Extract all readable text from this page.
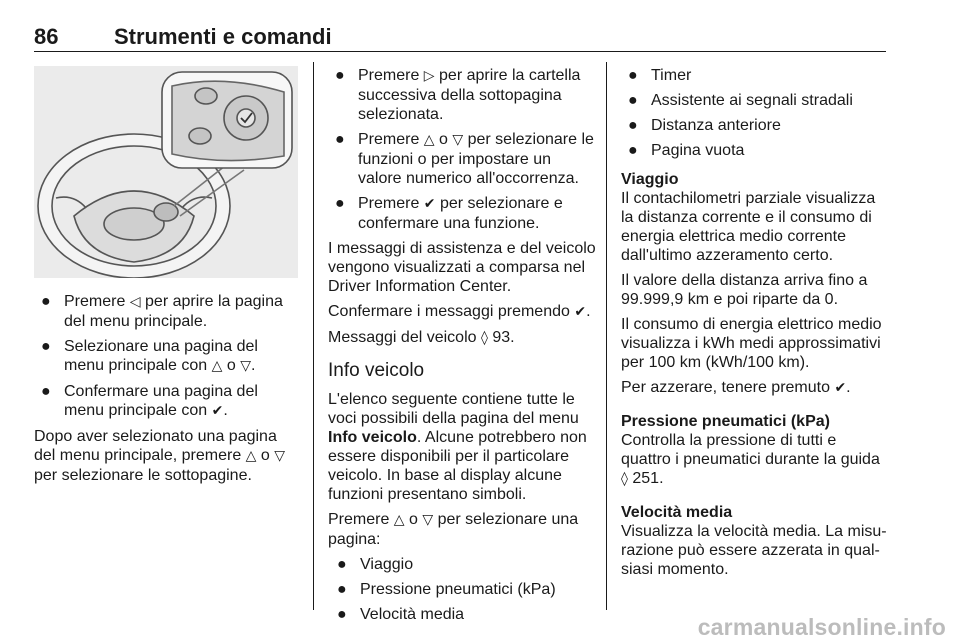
86	Strumenti e comandi
● Premere ◁ per aprire la pagina del menu principale.
● Selezionare una pagina del menu principale con △ o ▽.
● Confermare una pagina del menu principale con ✔.

Dopo aver selezionato una pagina del menu principale, premere △ o ▽ per selezionare le sottopagine.

● Premere ▷ per aprire la cartella successiva della sottopagina selezionata.
● Premere △ o ▽ per selezionare le funzioni o per impostare un valore numerico all'occorrenza.
● Premere ✔ per selezionare e confermare una funzione.

I messaggi di assistenza e del veicolo vengono visualizzati a comparsa nel Driver Information Center.

Confermare i messaggi premendo ✔.

Messaggi del veicolo ◊ 93.

Info veicolo

L'elenco seguente contiene tutte le voci possibili della pagina del menu Info veicolo. Alcune potrebbero non essere disponibili per il particolare veicolo. In base al display alcune funzioni presentano simboli.

Premere △ o ▽ per selezionare una pagina:

● Viaggio
● Pressione pneumatici (kPa)
● Velocità media
● Timer
● Assistente ai segnali stradali
● Distanza anteriore
● Pagina vuota
Viaggio

Il contachilometri parziale visualizza la distanza corrente e il consumo di energia elettrica medio corrente dall'ultimo azzeramento certo.

Il valore della distanza arriva fino a 99.999,9 km e poi riparte da 0.

Il consumo di energia elettrico medio visualizza i kWh medi approssimativi per 100 km (kWh/100 km).

Per azzerare, tenere premuto ✔.

Pressione pneumatici (kPa)

Controlla la pressione di tutti e quattro i pneumatici durante la guida ◊ 251.

Velocità media

Visualizza la velocità media. La misu-razione può essere azzerata in qual-siasi momento.

carmanualsonline.info
